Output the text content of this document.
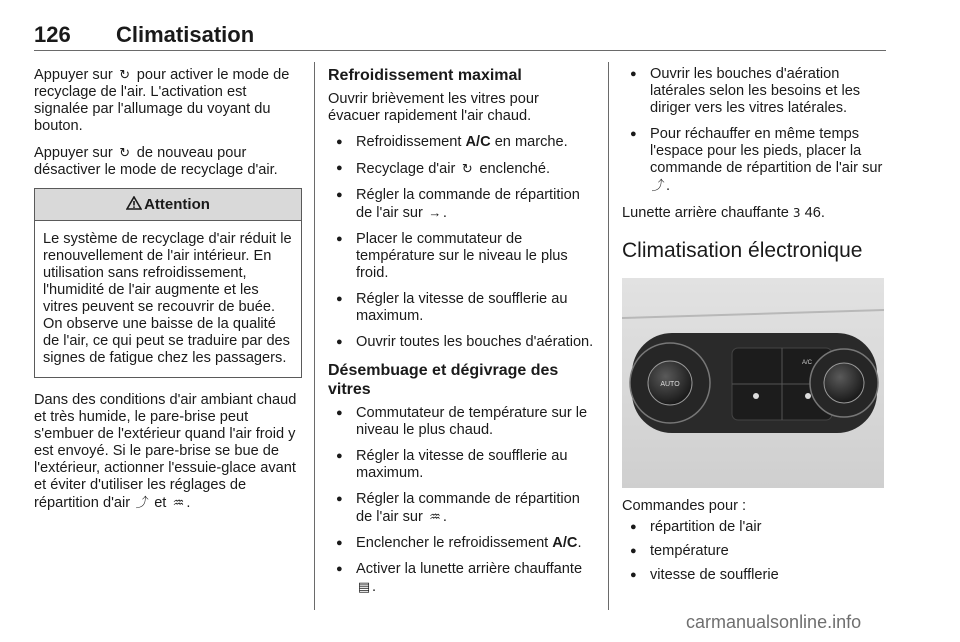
126 Climatisation

Appuyer sur ↻ pour activer le mode de recyclage de l'air. L'activation est signalée par l'allumage du voyant du bouton.

Appuyer sur ↻ de nouveau pour désactiver le mode de recyclage d'air.

Attention
Le système de recyclage d'air réduit le renouvellement de l'air intérieur. En utilisation sans refroidissement, l'humidité de l'air augmente et les vitres peuvent se recouvrir de buée. On observe une baisse de la qualité de l'air, ce qui peut se traduire par des signes de fatigue chez les passagers.

Dans des conditions d'air ambiant chaud et très humide, le pare-brise peut s'embuer de l'extérieur quand l'air froid y est envoyé. Si le pare-brise se bue de l'extérieur, actionner l'essuie-glace avant et éviter d'utiliser les réglages de répartition d'air ⤴ et ♒ .

Refroidissement maximal

Ouvrir brièvement les vitres pour évacuer rapidement l'air chaud.

● Refroidissement A/C en marche.
● Recyclage d'air ↻ enclenché.
● Régler la commande de répartition de l'air sur → .
● Placer le commutateur de température sur le niveau le plus froid.
● Régler la vitesse de soufflerie au maximum.
● Ouvrir toutes les bouches d'aération.
Désembuage et dégivrage des vitres
● Commutateur de température sur le niveau le plus chaud.
● Régler la vitesse de soufflerie au maximum.
● Régler la commande de répartition de l'air sur ♒ .
● Enclencher le refroidissement A/C.
● Activer la lunette arrière chauffante ▤ .
● Ouvrir les bouches d'aération latérales selon les besoins et les diriger vers les vitres latérales.
● Pour réchauffer en même temps l'espace pour les pieds, placer la commande de répartition de l'air sur ⤴ .

Lunette arrière chauffante 3 46.

Climatisation électronique
AUTO
A/C

Commandes pour :

● répartition de l'air
● température
● vitesse de soufflerie
carmanualsonline.info
